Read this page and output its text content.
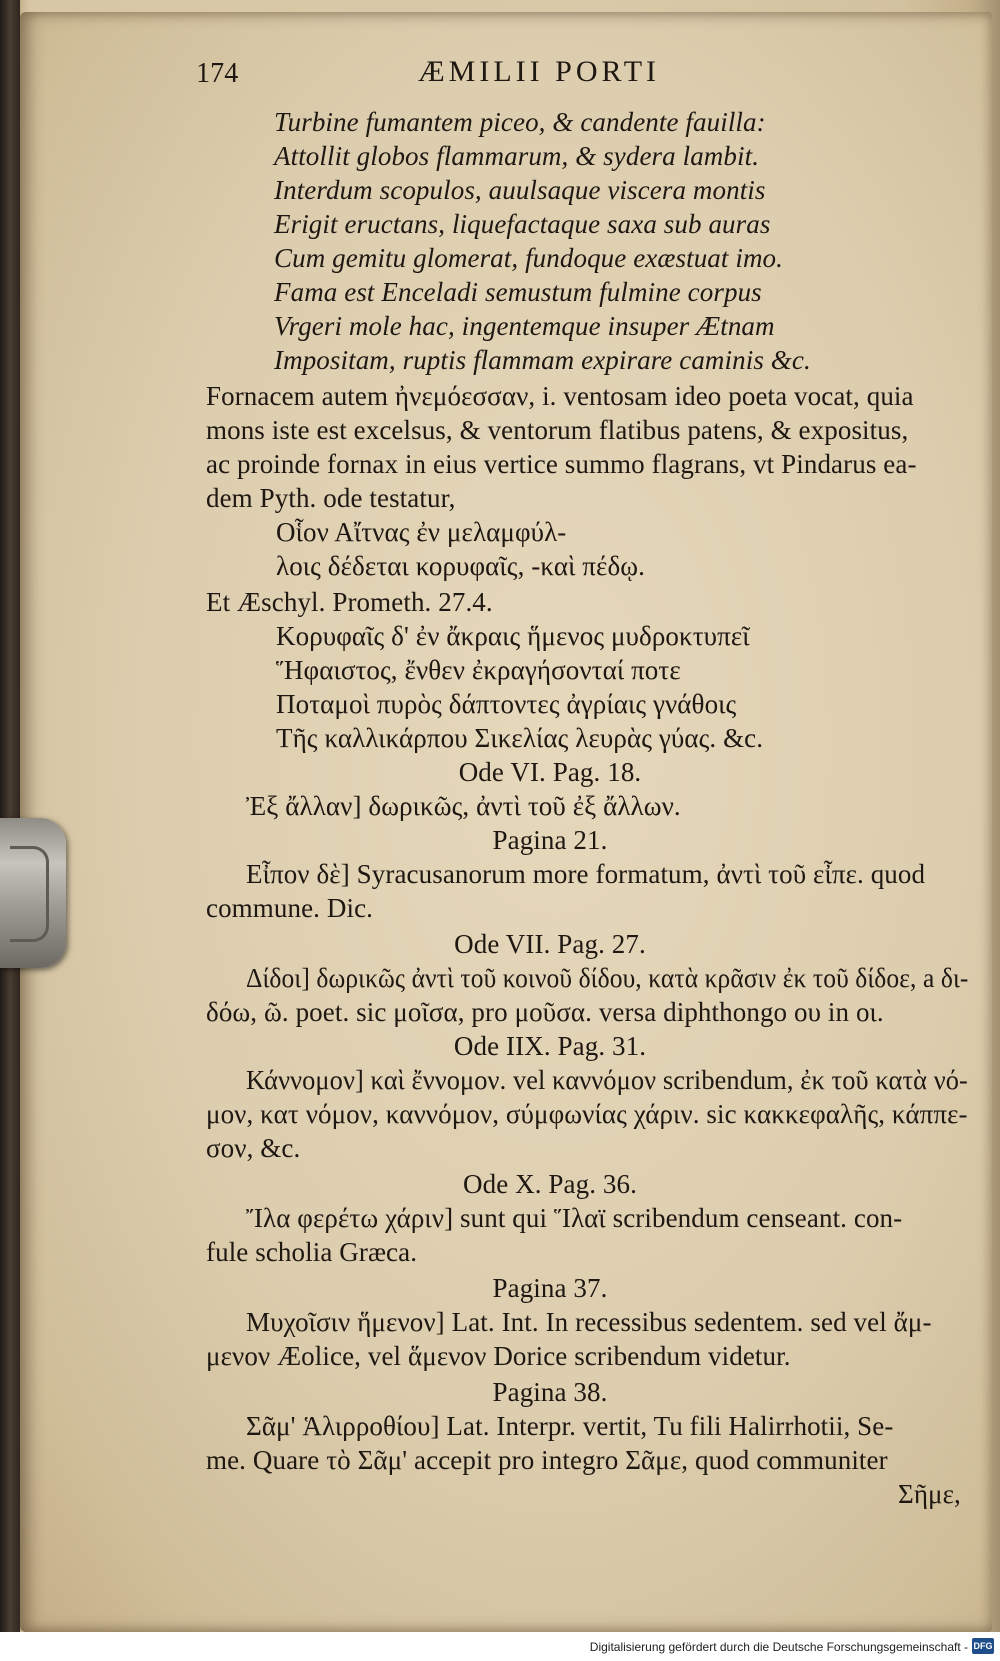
174	ÆMILII PORTI
Turbine fumantem piceo, & candente fauilla:
Attollit globos flammarum, & sydera lambit.
Interdum scopulos, auulsaque viscera montis
Erigit eructans, liquefactaque saxa sub auras
Cum gemitu glomerat, fundoque exæstuat imo.
Fama est Enceladi semustum fulmine corpus
Vrgeri mole hac, ingentemque insuper Ætnam
Impositam, ruptis flammam expirare caminis &c.
Fornacem autem ἠνεμόεσσαν, i. ventosam ideo poeta vocat, quia
mons iste est excelsus, & ventorum flatibus patens, & expositus,
ac proinde fornax in eius vertice summo flagrans, vt Pindarus ea-
dem Pyth. ode testatur,
Οἷον Αἴτνας ἐν μελαμφύλ-
λοις δέδεται κορυφαῖς, -καὶ πέδῳ.
Et Æschyl. Prometh. 27.4.
Κορυφαῖς δ' ἐν ἄκραις ἥμενος μυδροκτυπεῖ
Ἥφαιστος, ἔνθεν ἐκραγήσονταί ποτε
Ποταμοὶ πυρὸς δάπτοντες ἀγρίαις γνάθοις
Τῆς καλλικάρπου Σικελίας λευρὰς γύας. &c.
Ode VI. Pag. 18.
Ἐξ ἄλλαν] δωρικῶς, ἀντὶ τοῦ ἐξ ἄλλων.
Pagina 21.
Εἶπον δὲ] Syracusanorum more formatum, ἀντὶ τοῦ εἶπε. quod
commune. Dic.
Ode VII. Pag. 27.
Δίδοι] δωρικῶς ἀντὶ τοῦ κοινοῦ δίδου, κατὰ κρᾶσιν ἐκ τοῦ δίδοε, a δι-
δόω, ῶ. poet. sic μοῖσα, pro μοῦσα. versa diphthongo ου in οι.
Ode IIX. Pag. 31.
Κάννομον] καὶ ἔννομον. vel καννόμον scribendum, ἐκ τοῦ κατὰ νό-
μον, κατ νόμον, καννόμον, σύμφωνίας χάριν. sic κακκεφαλῆς, κάππε-
σον, &c.
Ode X. Pag. 36.
Ἴλα φερέτω χάριν] sunt qui Ἵλαϊ scribendum censeant. con-
fule scholia Græca.
Pagina 37.
Μυχοῖσιν ἥμενον] Lat. Int. In recessibus sedentem. sed vel ἄμ-
μενον Æolice, vel ἅμενον Dorice scribendum videtur.
Pagina 38.
Σᾶμ' Ἁλιρροθίου] Lat. Interpr. vertit, Tu fili Halirrhotii, Se-
me. Quare τὸ Σᾶμ' accepit pro integro Σᾶμε, quod communiter
Σῆμε,
Digitalisierung gefördert durch die Deutsche Forschungsgemeinschaft - DFG
